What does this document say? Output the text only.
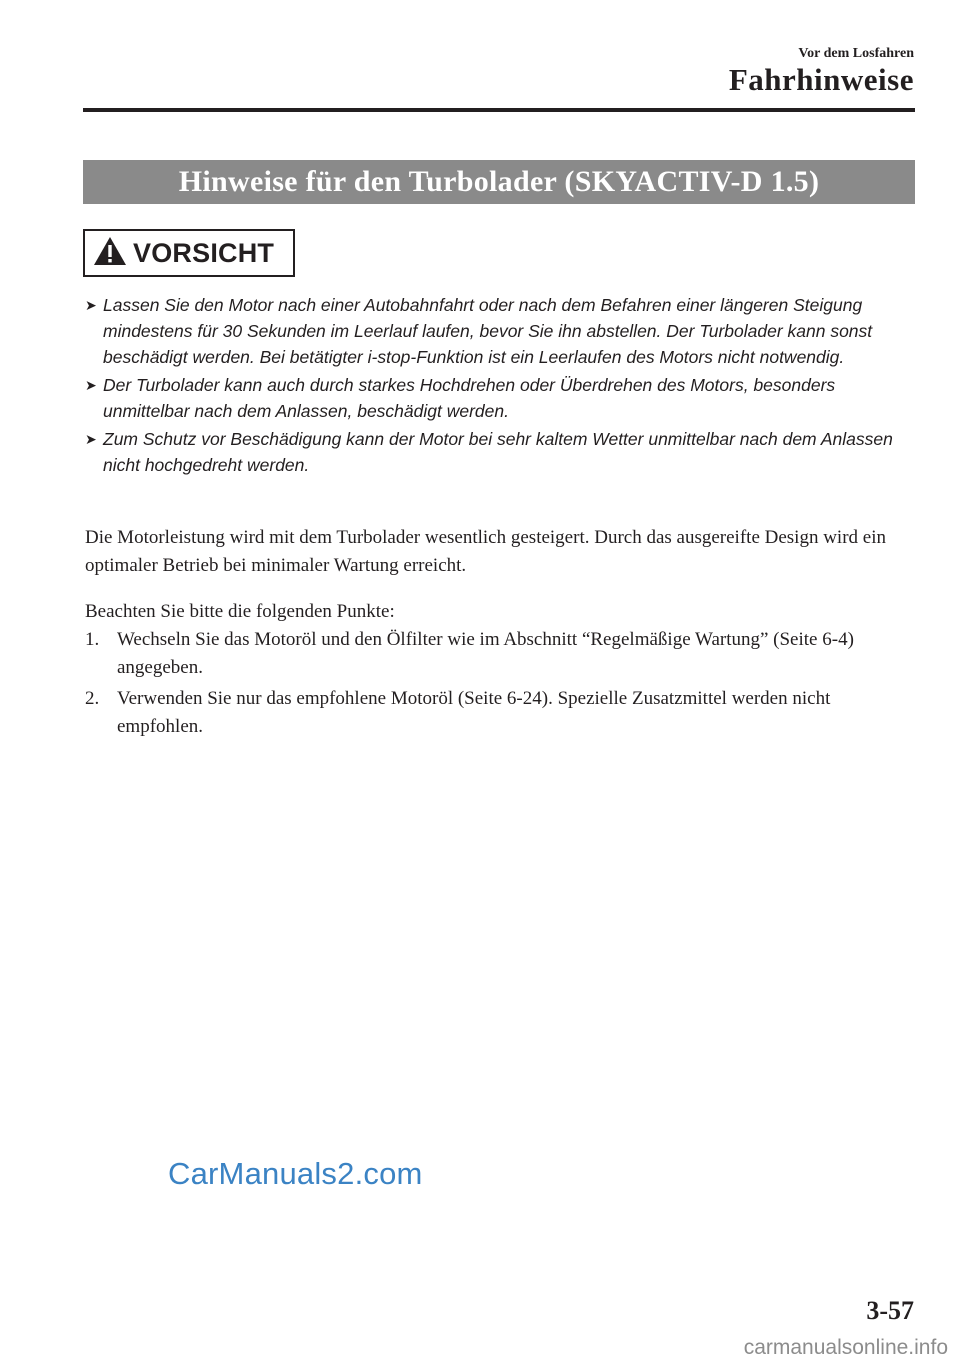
Vor dem Losfahren
Fahrhinweise
Hinweise für den Turbolader (SKYACTIV-D 1.5)
VORSICHT
➤ Lassen Sie den Motor nach einer Autobahnfahrt oder nach dem Befahren einer längeren Steigung mindestens für 30 Sekunden im Leerlauf laufen, bevor Sie ihn abstellen. Der Turbolader kann sonst beschädigt werden. Bei betätigter i-stop-Funktion ist ein Leerlaufen des Motors nicht notwendig.
➤ Der Turbolader kann auch durch starkes Hochdrehen oder Überdrehen des Motors, besonders unmittelbar nach dem Anlassen, beschädigt werden.
➤ Zum Schutz vor Beschädigung kann der Motor bei sehr kaltem Wetter unmittelbar nach dem Anlassen nicht hochgedreht werden.

Die Motorleistung wird mit dem Turbolader wesentlich gesteigert. Durch das ausgereifte Design wird ein optimaler Betrieb bei minimaler Wartung erreicht.

Beachten Sie bitte die folgenden Punkte:

1. Wechseln Sie das Motoröl und den Ölfilter wie im Abschnitt “Regelmäßige Wartung” (Seite 6-4) angegeben.
2. Verwenden Sie nur das empfohlene Motoröl (Seite 6-24). Spezielle Zusatzmittel werden nicht empfohlen.
CarManuals2.com
3-57
carmanualsonline.info
